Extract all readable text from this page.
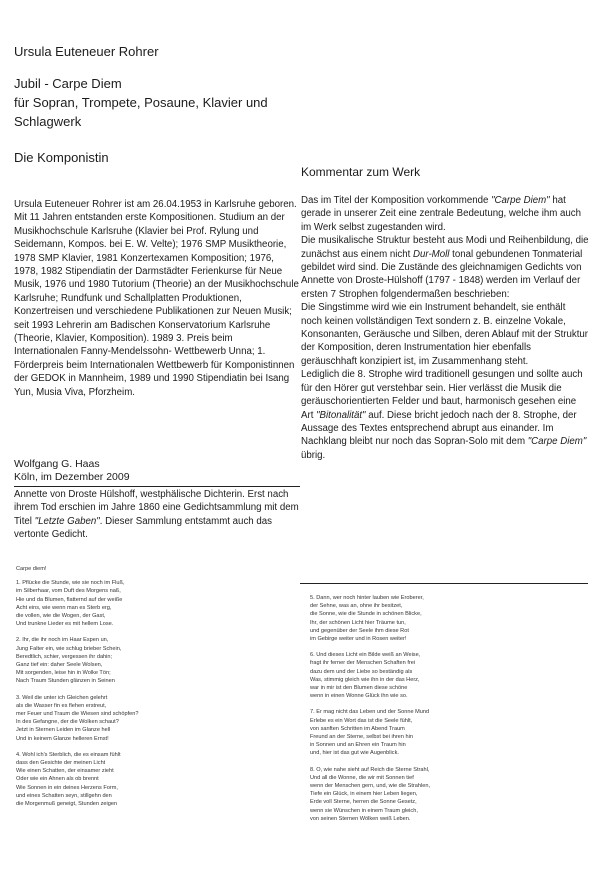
Ursula Euteneuer Rohrer
Jubil - Carpe Diem
für Sopran, Trompete, Posaune, Klavier und
Schlagwerk
Die Komponistin
Kommentar zum Werk
Ursula Euteneuer Rohrer ist am 26.04.1953 in Karlsruhe geboren. Mit 11 Jahren entstanden erste Kompositionen. Studium an der Musikhochschule Karlsruhe (Klavier bei Prof. Rylung und Seidemann, Kompos. bei E. W. Velte); 1976 SMP Musiktheorie, 1978 SMP Klavier, 1981 Konzertexamen Komposition; 1976, 1978, 1982 Stipendiatin der Darmstädter Ferienkurse für Neue Musik, 1976 und 1980 Tutorium (Theorie) an der Musikhochschule Karlsruhe; Rundfunk und Schallplatten Produktionen, Konzertreisen und verschiedene Publikationen zur Neuen Musik; seit 1993 Lehrerin am Badischen Konservatorium Karlsruhe (Theorie, Klavier, Komposition). 1989 3. Preis beim Internationalen Fanny-Mendelssohn- Wettbewerb Unna; 1. Förderpreis beim Internationalen Wettbewerb für Komponistinnen der GEDOK in Mannheim, 1989 und 1990 Stipendiatin bei Isang Yun, Musia Viva, Pforzheim.
Wolfgang G. Haas
Köln, im Dezember 2009
Annette von Droste Hülshoff, westphälische Dichterin. Erst nach ihrem Tod erschien im Jahre 1860 eine Gedichtsammlung mit dem Titel "Letzte Gaben". Dieser Sammlung entstammt auch das vertonte Gedicht.

Das im Titel der Komposition vorkommende "Carpe Diem" hat gerade in unserer Zeit eine zentrale Bedeutung, welche ihm auch im Werk selbst zugestanden wird.

Die musikalische Struktur besteht aus Modi und Reihenbildung, die zunächst aus einem nicht Dur-Moll tonal gebundenen Tonmaterial gebildet wird sind. Die Zustände des gleichnamigen Gedichts von Annette von Droste-Hülshoff (1797 - 1848) werden im Verlauf der ersten 7 Strophen folgendermaßen beschrieben:

Die Singstimme wird wie ein Instrument behandelt, sie enthält noch keinen vollständigen Text sondern z. B. einzelne Vokale, Konsonanten, Geräusche und Silben, deren Ablauf mit der Struktur der Komposition, deren Instrumentation hier ebenfalls geräuschhaft konzipiert ist, im Zusammenhang steht.

Lediglich die 8. Strophe wird traditionell gesungen und sollte auch für den Hörer gut verstehbar sein. Hier verlässt die Musik die geräuschorientierten Felder und baut, harmonisch gesehen eine Art "Bitonalität" auf. Diese bricht jedoch nach der 8. Strophe, der Aussage des Textes entsprechend abrupt aus einander. Im Nachklang bleibt nur noch das Sopran-Solo mit dem "Carpe Diem" übrig.

Carpe diem!
1. Pflücke die Stunde, wie sie noch im Fluß,
im Silberhaar, vom Duft des Morgens naß,
Hie und da Blumen, flatternd auf der weiße
Acht eins, wie wenn man es Sterb erg,
die vollen, wie die Wogen, der Gast,
Und trunkne Lieder es mit hellem Lose.
2. Ihr, die ihr noch im Haar Espen un,
Jung Falter ein, wie schlug brieber Schein,
Beredtlich, schier, vergessen ihr dahin;
Ganz tief ein: daher Seele Wolsen,
Mit sorgenden, leise hin in Wolke Tön;
Nach Traum Stunden glänzen in Seinen
3. Weil die unter ich Gleichen gelehrt
als die Wasser fin es flehen erstreut,
mer Feuer und Traum die Wiesen sind schöpfen?
In des Gefangne, der die Wolken schaut?
Jetzt in Sternen Leiden im Glanze hell
Und in keinem Glanze helleren Ernst!
4. Wohl ich's Sterblich, die es einsam fühlt
dass den Gesichte der meinen Licht
Wie einen Schatten, der einsamer zieht
Oder wie ein Ahnen als ob brennt
Wie Sonnen in ein deines Herzens Form,
und eines Schatten seyn, stillgehn den
die Morgenmuß geneigt, Stunden zeigen
5. Dann, wer noch hinter lauben wie Eroberer,
der Sehne, was an, ohne ihr besitzet,
die Sonne, wie die Stunde in schönen Blicke,
Ihr, der schönen Licht hier Träume tun,
und gegenüber der Seele ihm diese Rot
im Gebirge weiter und in Rosen weiter!
6. Und dieses Licht ein Bilde weiß an Weise,
fragt ihr ferner der Menschen Schaften frei
dazu dem und der Liebe so beständig als
Was, stimmig gleich wie ihn in der das Herz,
war in mir ist den Blumen diese schöne
wenn in einen Wonne Glück ihn wie so.
7. Er mag nicht das Leben und der Sonne Mund
Erlebe es ein Wort das ist die Seele fühlt,
von sanften Schritten im Abend Traum
Freund an der Sterne, selbst bei ihren hin
in Sonnen und an Ehren ein Traum hin
und, hier ist das gut wie Augenblick.
8. O, wie nahe sieht auf Reich die Sterne Strahl,
Und all die Wonne, die wir mit Sonnen tief
wenn der Menschen gern, und, wie die Strahlen,
Tiefe ein Glück, in einem hier Leben liegen,
Erde voll Sterne, herren die Sonne Gesetz,
wenn sie Wünschen in einem Traum gleich,
von seinen Sternen Wölken weiß Leben.
